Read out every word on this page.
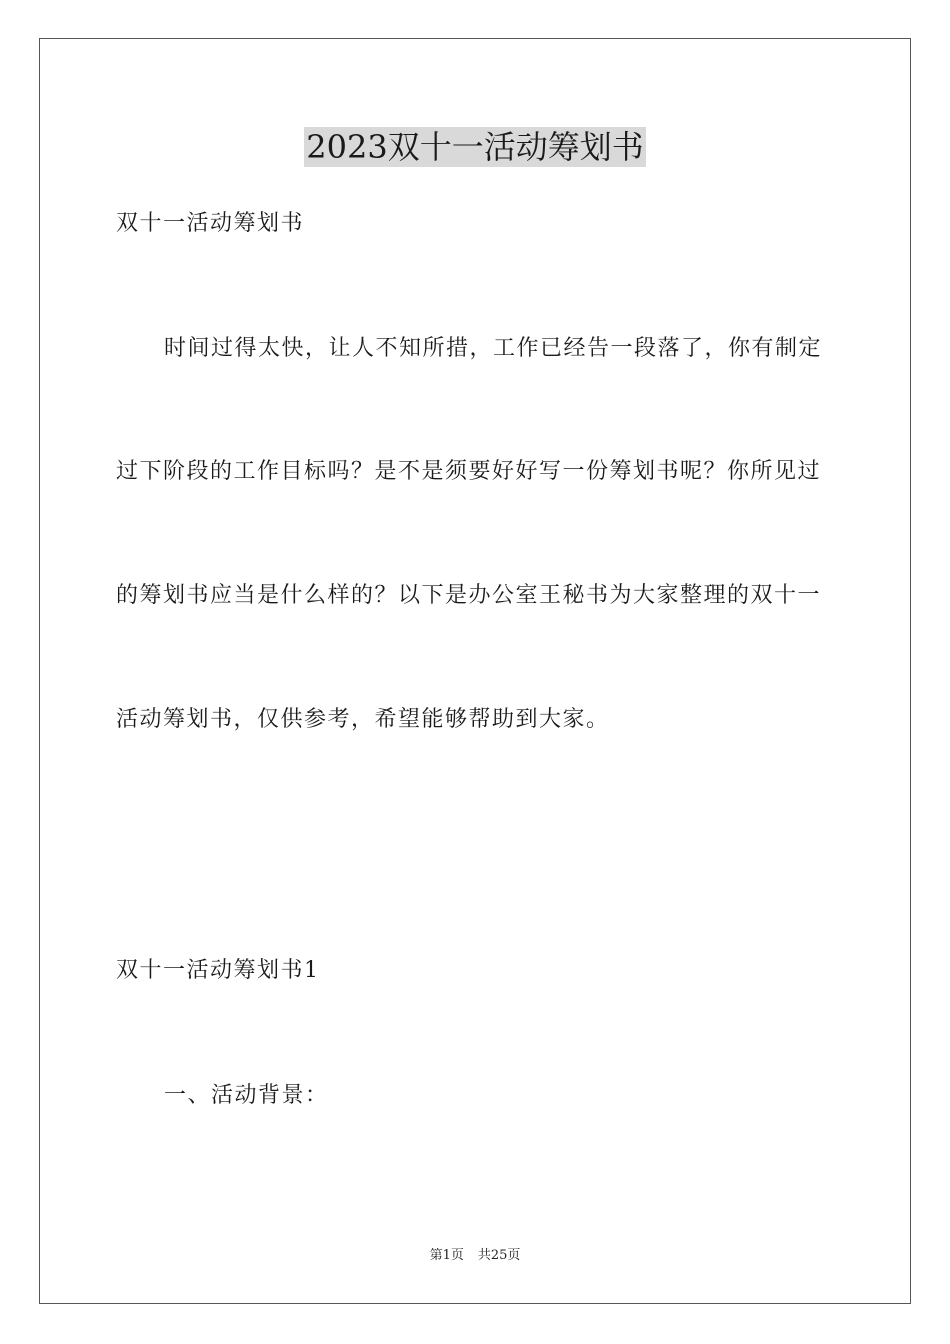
2023双十一活动筹划书
双十一活动筹划书
时间过得太快，让人不知所措，工作已经告一段落了，你有制定
过下阶段的工作目标吗？是不是须要好好写一份筹划书呢？你所见过
的筹划书应当是什么样的？以下是办公室王秘书为大家整理的双十一
活动筹划书，仅供参考，希望能够帮助到大家。
双十一活动筹划书1
一、活动背景：
第1页 共25页
